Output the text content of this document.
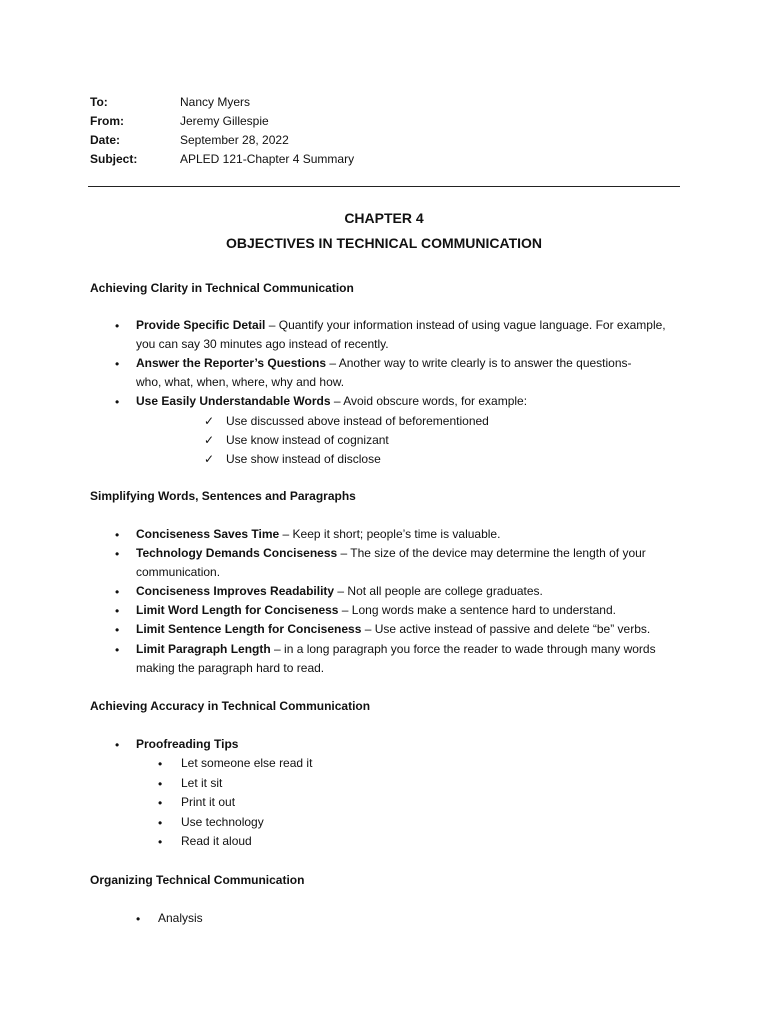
To:	Nancy Myers
From:	Jeremy Gillespie
Date:	September 28, 2022
Subject:	APLED 121-Chapter 4 Summary
CHAPTER 4
OBJECTIVES IN TECHNICAL COMMUNICATION
Achieving Clarity in Technical Communication
• Provide Specific Detail – Quantify your information instead of using vague language. For example, you can say 30 minutes ago instead of recently.
• Answer the Reporter’s Questions – Another way to write clearly is to answer the questions- who, what, when, where, why and how.
• Use Easily Understandable Words – Avoid obscure words, for example:
✓ Use discussed above instead of beforementioned
✓ Use know instead of cognizant
✓ Use show instead of disclose
Simplifying Words, Sentences and Paragraphs
• Conciseness Saves Time – Keep it short; people’s time is valuable.
• Technology Demands Conciseness – The size of the device may determine the length of your communication.
• Conciseness Improves Readability – Not all people are college graduates.
• Limit Word Length for Conciseness – Long words make a sentence hard to understand.
• Limit Sentence Length for Conciseness – Use active instead of passive and delete “be” verbs.
• Limit Paragraph Length – in a long paragraph you force the reader to wade through many words making the paragraph hard to read.
Achieving Accuracy in Technical Communication
• Proofreading Tips
• Let someone else read it
• Let it sit
• Print it out
• Use technology
• Read it aloud
Organizing Technical Communication
• Analysis
